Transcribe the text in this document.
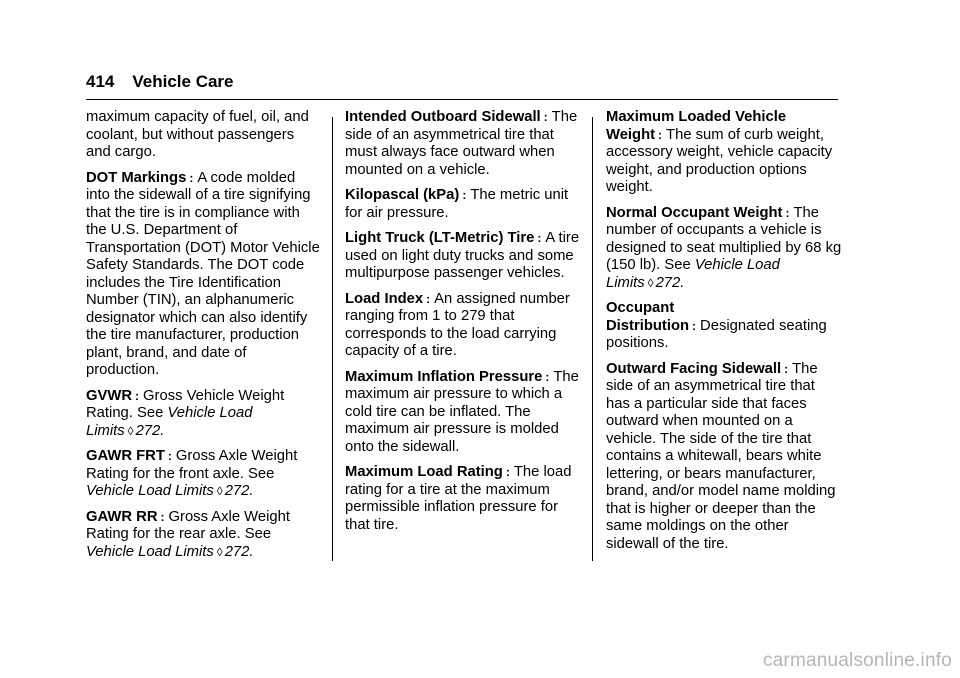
414 Vehicle Care

maximum capacity of fuel, oil, and coolant, but without passengers and cargo.

DOT Markings : A code molded into the sidewall of a tire signifying that the tire is in compliance with the U.S. Department of Transportation (DOT) Motor Vehicle Safety Standards. The DOT code includes the Tire Identification Number (TIN), an alphanumeric designator which can also identify the tire manufacturer, production plant, brand, and date of production.

GVWR : Gross Vehicle Weight Rating. See Vehicle Load Limits ◊ 272.

GAWR FRT : Gross Axle Weight Rating for the front axle. See Vehicle Load Limits ◊ 272.

GAWR RR : Gross Axle Weight Rating for the rear axle. See Vehicle Load Limits ◊ 272.

Intended Outboard Sidewall : The side of an asymmetrical tire that must always face outward when mounted on a vehicle.

Kilopascal (kPa) : The metric unit for air pressure.

Light Truck (LT-Metric) Tire : A tire used on light duty trucks and some multipurpose passenger vehicles.

Load Index : An assigned number ranging from 1 to 279 that corresponds to the load carrying capacity of a tire.

Maximum Inflation Pressure : The maximum air pressure to which a cold tire can be inflated. The maximum air pressure is molded onto the sidewall.

Maximum Load Rating : The load rating for a tire at the maximum permissible inflation pressure for that tire.

Maximum Loaded Vehicle Weight : The sum of curb weight, accessory weight, vehicle capacity weight, and production options weight.

Normal Occupant Weight : The number of occupants a vehicle is designed to seat multiplied by 68 kg (150 lb). See Vehicle Load Limits ◊ 272.

Occupant Distribution : Designated seating positions.

Outward Facing Sidewall : The side of an asymmetrical tire that has a particular side that faces outward when mounted on a vehicle. The side of the tire that contains a whitewall, bears white lettering, or bears manufacturer, brand, and/or model name molding that is higher or deeper than the same moldings on the other sidewall of the tire.

carmanualsonline.info
